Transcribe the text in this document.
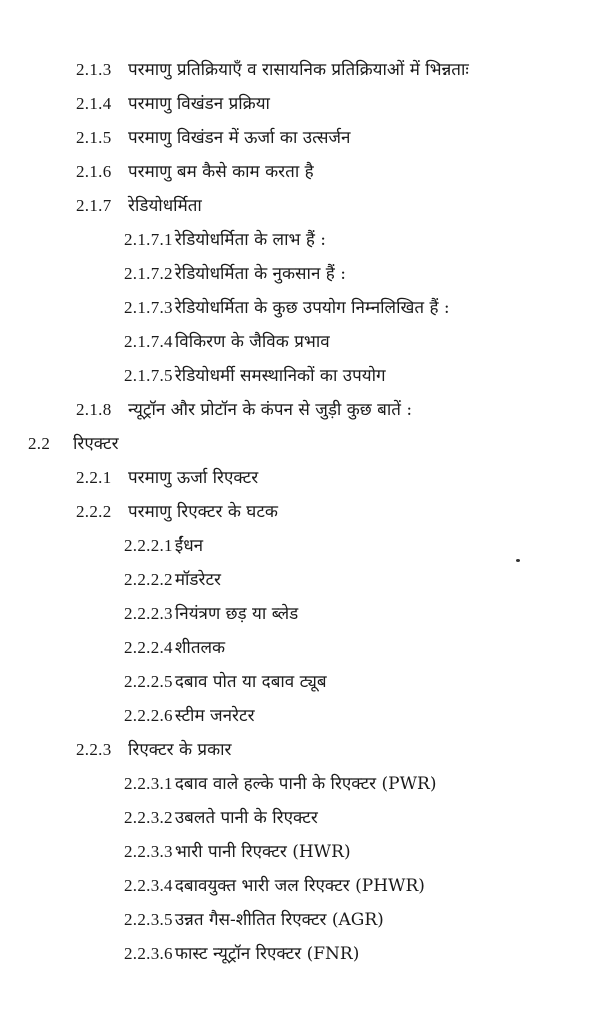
2.1.3 परमाणु प्रतिक्रियाएँ व रासायनिक प्रतिक्रियाओं में भिन्नताः
2.1.4 परमाणु विखंडन प्रक्रिया
2.1.5 परमाणु विखंडन में ऊर्जा का उत्सर्जन
2.1.6 परमाणु बम कैसे काम करता है
2.1.7 रेडियोधर्मिता
2.1.7.1 रेडियोधर्मिता के लाभ हैं :
2.1.7.2 रेडियोधर्मिता के नुकसान हैं :
2.1.7.3 रेडियोधर्मिता के कुछ उपयोग निम्नलिखित हैं :
2.1.7.4 विकिरण के जैविक प्रभाव
2.1.7.5 रेडियोधर्मी समस्थानिकों का उपयोग
2.1.8 न्यूट्रॉन और प्रोटॉन के कंपन से जुड़ी कुछ बातें :
2.2 रिएक्टर
2.2.1 परमाणु ऊर्जा रिएक्टर
2.2.2 परमाणु रिएक्टर के घटक
2.2.2.1 ईंधन
2.2.2.2 मॉडरेटर
2.2.2.3 नियंत्रण छड़ या ब्लेड
2.2.2.4 शीतलक
2.2.2.5 दबाव पोत या दबाव ट्यूब
2.2.2.6 स्टीम जनरेटर
2.2.3 रिएक्टर के प्रकार
2.2.3.1 दबाव वाले हल्के पानी के रिएक्टर (PWR)
2.2.3.2 उबलते पानी के रिएक्टर
2.2.3.3 भारी पानी रिएक्टर (HWR)
2.2.3.4 दबावयुक्त भारी जल रिएक्टर (PHWR)
2.2.3.5 उन्नत गैस-शीतित रिएक्टर (AGR)
2.2.3.6 फास्ट न्यूट्रॉन रिएक्टर (FNR)
